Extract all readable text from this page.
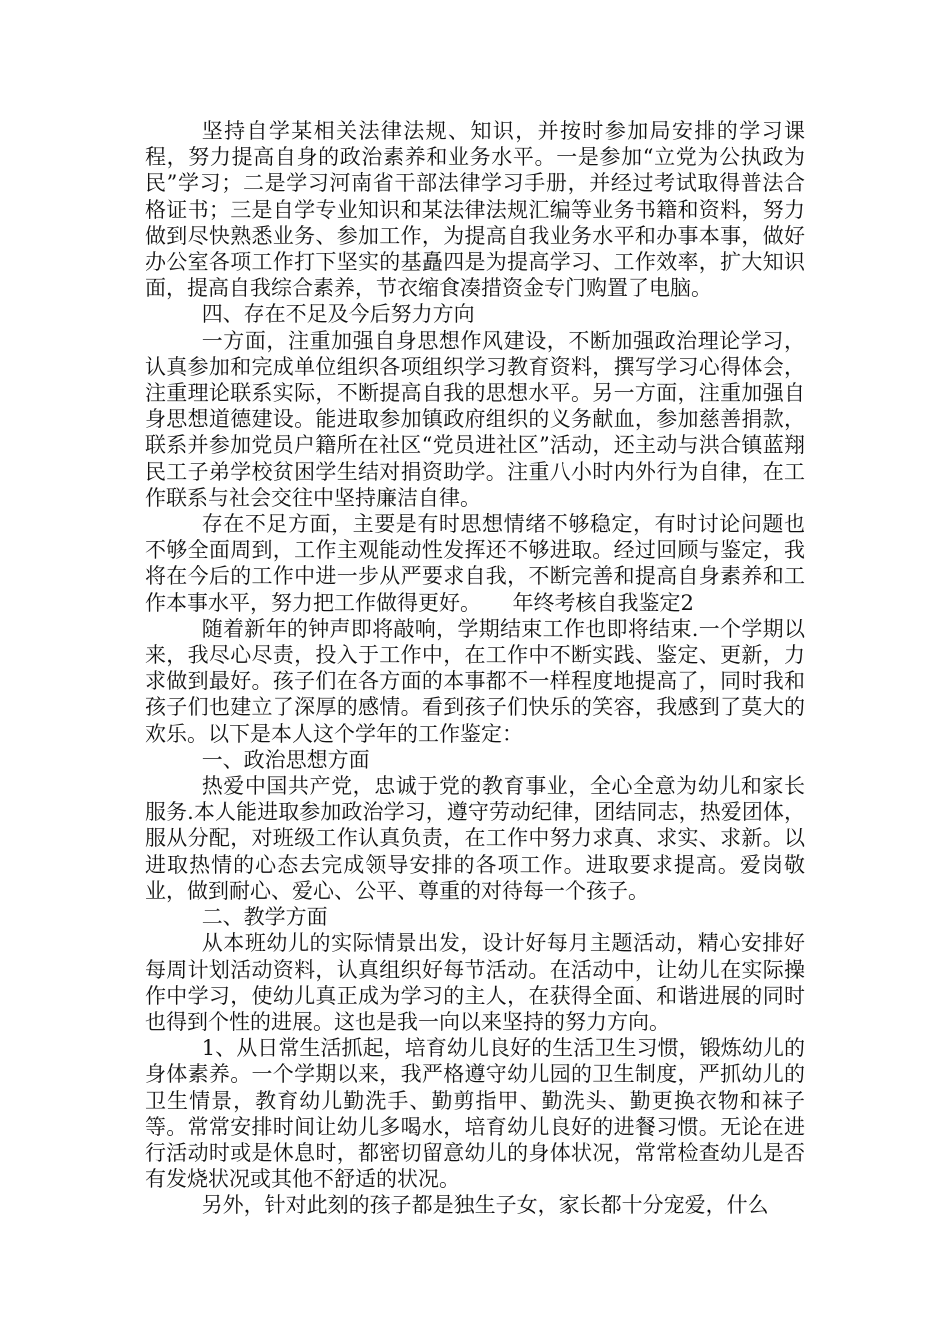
坚持自学某相关法律法规、知识，并按时参加局安排的学习课程，努力提高自身的政治素养和业务水平。一是参加“立党为公执政为民”学习；二是学习河南省干部法律学习手册，并经过考试取得普法合格证书；三是自学专业知识和某法律法规汇编等业务书籍和资料，努力做到尽快熟悉业务、参加工作，为提高自我业务水平和办事本事，做好办公室各项工作打下坚实的基矗四是为提高学习、工作效率，扩大知识面，提高自我综合素养，节衣缩食凑措资金专门购置了电脑。

四、存在不足及今后努力方向

一方面，注重加强自身思想作风建设，不断加强政治理论学习，认真参加和完成单位组织各项组织学习教育资料，撰写学习心得体会，注重理论联系实际，不断提高自我的思想水平。另一方面，注重加强自身思想道德建设。能进取参加镇政府组织的义务献血，参加慈善捐款，联系并参加党员户籍所在社区“党员进社区”活动，还主动与洪合镇蓝翔民工子弟学校贫困学生结对捐资助学。注重八小时内外行为自律，在工作联系与社会交往中坚持廉洁自律。

存在不足方面，主要是有时思想情绪不够稳定，有时讨论问题也不够全面周到，工作主观能动性发挥还不够进取。经过回顾与鉴定，我将在今后的工作中进一步从严要求自我，不断完善和提高自身素养和工作本事水平，努力把工作做得更好。　　年终考核自我鉴定2

随着新年的钟声即将敲响，学期结束工作也即将结束.一个学期以来，我尽心尽责，投入于工作中，在工作中不断实践、鉴定、更新，力求做到最好。孩子们在各方面的本事都不一样程度地提高了，同时我和孩子们也建立了深厚的感情。看到孩子们快乐的笑容，我感到了莫大的欢乐。以下是本人这个学年的工作鉴定：

一、政治思想方面

热爱中国共产党，忠诚于党的教育事业，全心全意为幼儿和家长服务.本人能进取参加政治学习，遵守劳动纪律，团结同志，热爱团体，服从分配，对班级工作认真负责，在工作中努力求真、求实、求新。以进取热情的心态去完成领导安排的各项工作。进取要求提高。爱岗敬业，做到耐心、爱心、公平、尊重的对待每一个孩子。

二、教学方面

从本班幼儿的实际情景出发，设计好每月主题活动，精心安排好每周计划活动资料，认真组织好每节活动。在活动中，让幼儿在实际操作中学习，使幼儿真正成为学习的主人，在获得全面、和谐进展的同时也得到个性的进展。这也是我一向以来坚持的努力方向。

1、从日常生活抓起，培育幼儿良好的生活卫生习惯，锻炼幼儿的身体素养。一个学期以来，我严格遵守幼儿园的卫生制度，严抓幼儿的卫生情景，教育幼儿勤洗手、勤剪指甲、勤洗头、勤更换衣物和袜子等。常常安排时间让幼儿多喝水，培育幼儿良好的进餐习惯。无论在进行活动时或是休息时，都密切留意幼儿的身体状况，常常检查幼儿是否有发烧状况或其他不舒适的状况。

另外，针对此刻的孩子都是独生子女，家长都十分宠爱，什么
